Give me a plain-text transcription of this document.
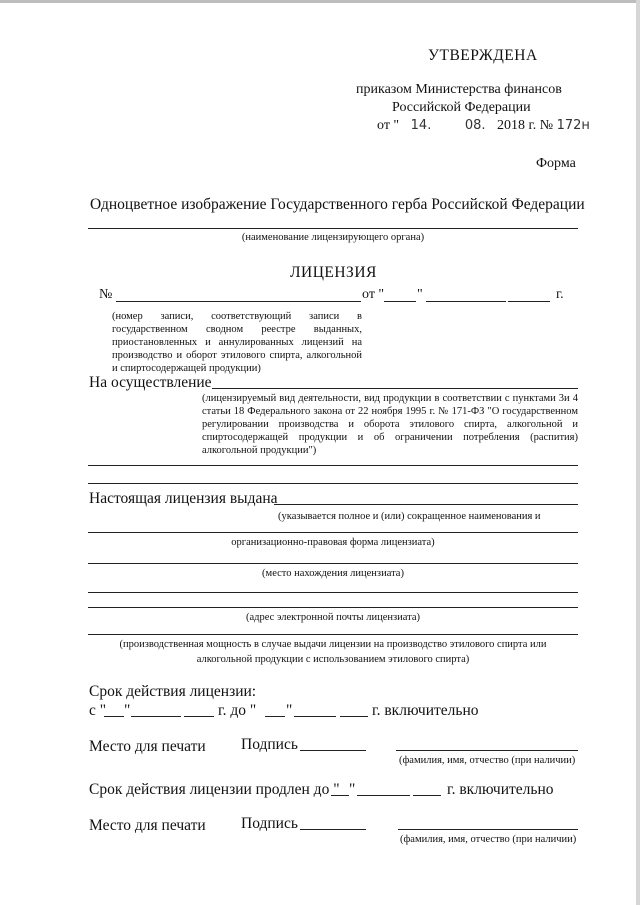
УТВЕРЖДЕНА
приказом Министерства финансов
Российской Федерации
от " 14.	08. 2018 г. № 172н
Форма
Одноцветное изображение Государственного герба Российской Федерации
(наименование лицензирующего органа)
ЛИЦЕНЗИЯ
№	от " "	г.
(номер записи, соответствующий записи в государственном сводном реестре выданных, приостановленных и аннулированных лицензий на производство и оборот этилового спирта, алкогольной и спиртосодержащей продукции)
На осуществление
(лицензируемый вид деятельности, вид продукции в соответствии с пунктами 3и 4 статьи 18 Федерального закона от 22 ноября 1995 г. № 171-ФЗ "О государственном регулировании производства и оборота этилового спирта, алкогольной и спиртосодержащей продукции и об ограничении потребления (распития) алкогольной продукции")
Настоящая лицензия выдана
(указывается полное и (или) сокращенное наименования и
организационно-правовая форма лицензиата)
(место нахождения лицензиата)
(адрес электронной почты лицензиата)
(производственная мощность в случае выдачи лицензии на производство этилового спирта или
алкогольной продукции с использованием этилового спирта)
Срок действия лицензии:
с " "	г. до " "	г. включительно
Место для печати Подпись
(фамилия, имя, отчество (при наличии)
Срок действия лицензии продлен до " "	г. включительно
Место для печати Подпись
(фамилия, имя, отчество (при наличии)
